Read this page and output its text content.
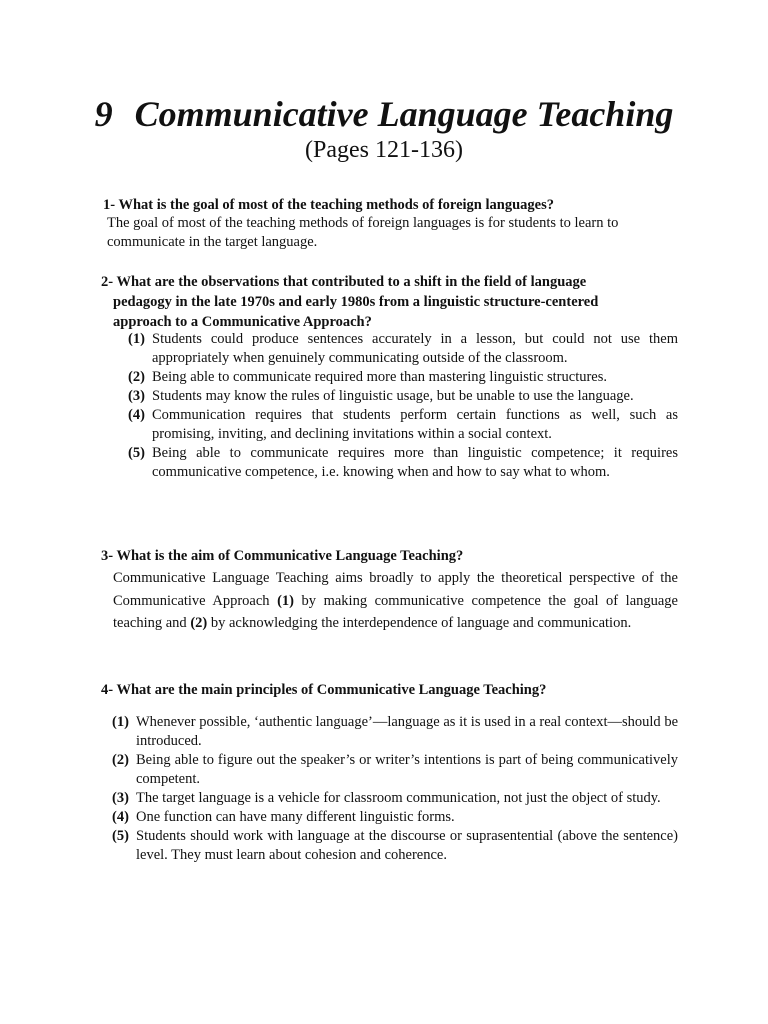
9 Communicative Language Teaching
(Pages 121-136)
1- What is the goal of most of the teaching methods of foreign languages?
The goal of most of the teaching methods of foreign languages is for students to learn to communicate in the target language.
2- What are the observations that contributed to a shift in the field of language
pedagogy in the late 1970s and early 1980s from a linguistic structure-centered
approach to a Communicative Approach?
(1) Students could produce sentences accurately in a lesson, but could not use them appropriately when genuinely communicating outside of the classroom.
(2) Being able to communicate required more than mastering linguistic structures.
(3) Students may know the rules of linguistic usage, but be unable to use the language.
(4) Communication requires that students perform certain functions as well, such as promising, inviting, and declining invitations within a social context.
(5) Being able to communicate requires more than linguistic competence; it requires communicative competence, i.e. knowing when and how to say what to whom.
3- What is the aim of Communicative Language Teaching?
Communicative Language Teaching aims broadly to apply the theoretical perspective of the Communicative Approach (1) by making communicative competence the goal of language teaching and (2) by acknowledging the interdependence of language and communication.
4- What are the main principles of Communicative Language Teaching?
(1) Whenever possible, ‘authentic language’—language as it is used in a real context—should be introduced.
(2) Being able to figure out the speaker’s or writer’s intentions is part of being communicatively competent.
(3) The target language is a vehicle for classroom communication, not just the object of study.
(4) One function can have many different linguistic forms.
(5) Students should work with language at the discourse or suprasentential (above the sentence) level. They must learn about cohesion and coherence.
